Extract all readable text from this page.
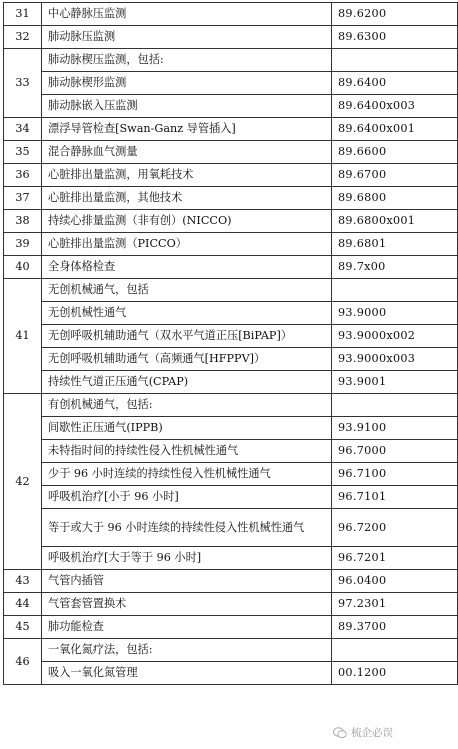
31	中心静脉压监测	89.6200
32	肺动脉压监测	89.6300
33	肺动脉楔压监测，包括:	
	肺动脉楔形监测	89.6400
	肺动脉嵌入压监测	89.6400x003
34	漂浮导管检查[Swan-Ganz 导管插入]	89.6400x001
35	混合静脉血气测量	89.6600
36	心脏排出量监测，用氧耗技术	89.6700
37	心脏排出量监测，其他技术	89.6800
38	持续心排量监测（非有创）(NICCO)	89.6800x001
39	心脏排出量监测（PICCO）	89.6801
40	全身体格检查	89.7x00
41	无创机械通气，包括	
	无创机械性通气	93.9000
	无创呼吸机辅助通气（双水平气道正压[BiPAP]）	93.9000x002
	无创呼吸机辅助通气（高频通气[HFPPV]）	93.9000x003
	持续性气道正压通气(CPAP)	93.9001
42	有创机械通气，包括:	
	间歇性正压通气(IPPB)	93.9100
	未特指时间的持续性侵入性机械性通气	96.7000
	少于 96 小时连续的持续性侵入性机械性通气	96.7100
	呼吸机治疗[小于 96 小时]	96.7101
	等于或大于 96 小时连续的持续性侵入性机械性通气	96.7200
	呼吸机治疗[大于等于 96 小时]	96.7201
43	气管内插管	96.0400
44	气管套管置换术	97.2301
45	肺功能检查	89.3700
46	一氧化氮疗法，包括:	
	吸入一氧化氮管理	00.1200
梳企必误
